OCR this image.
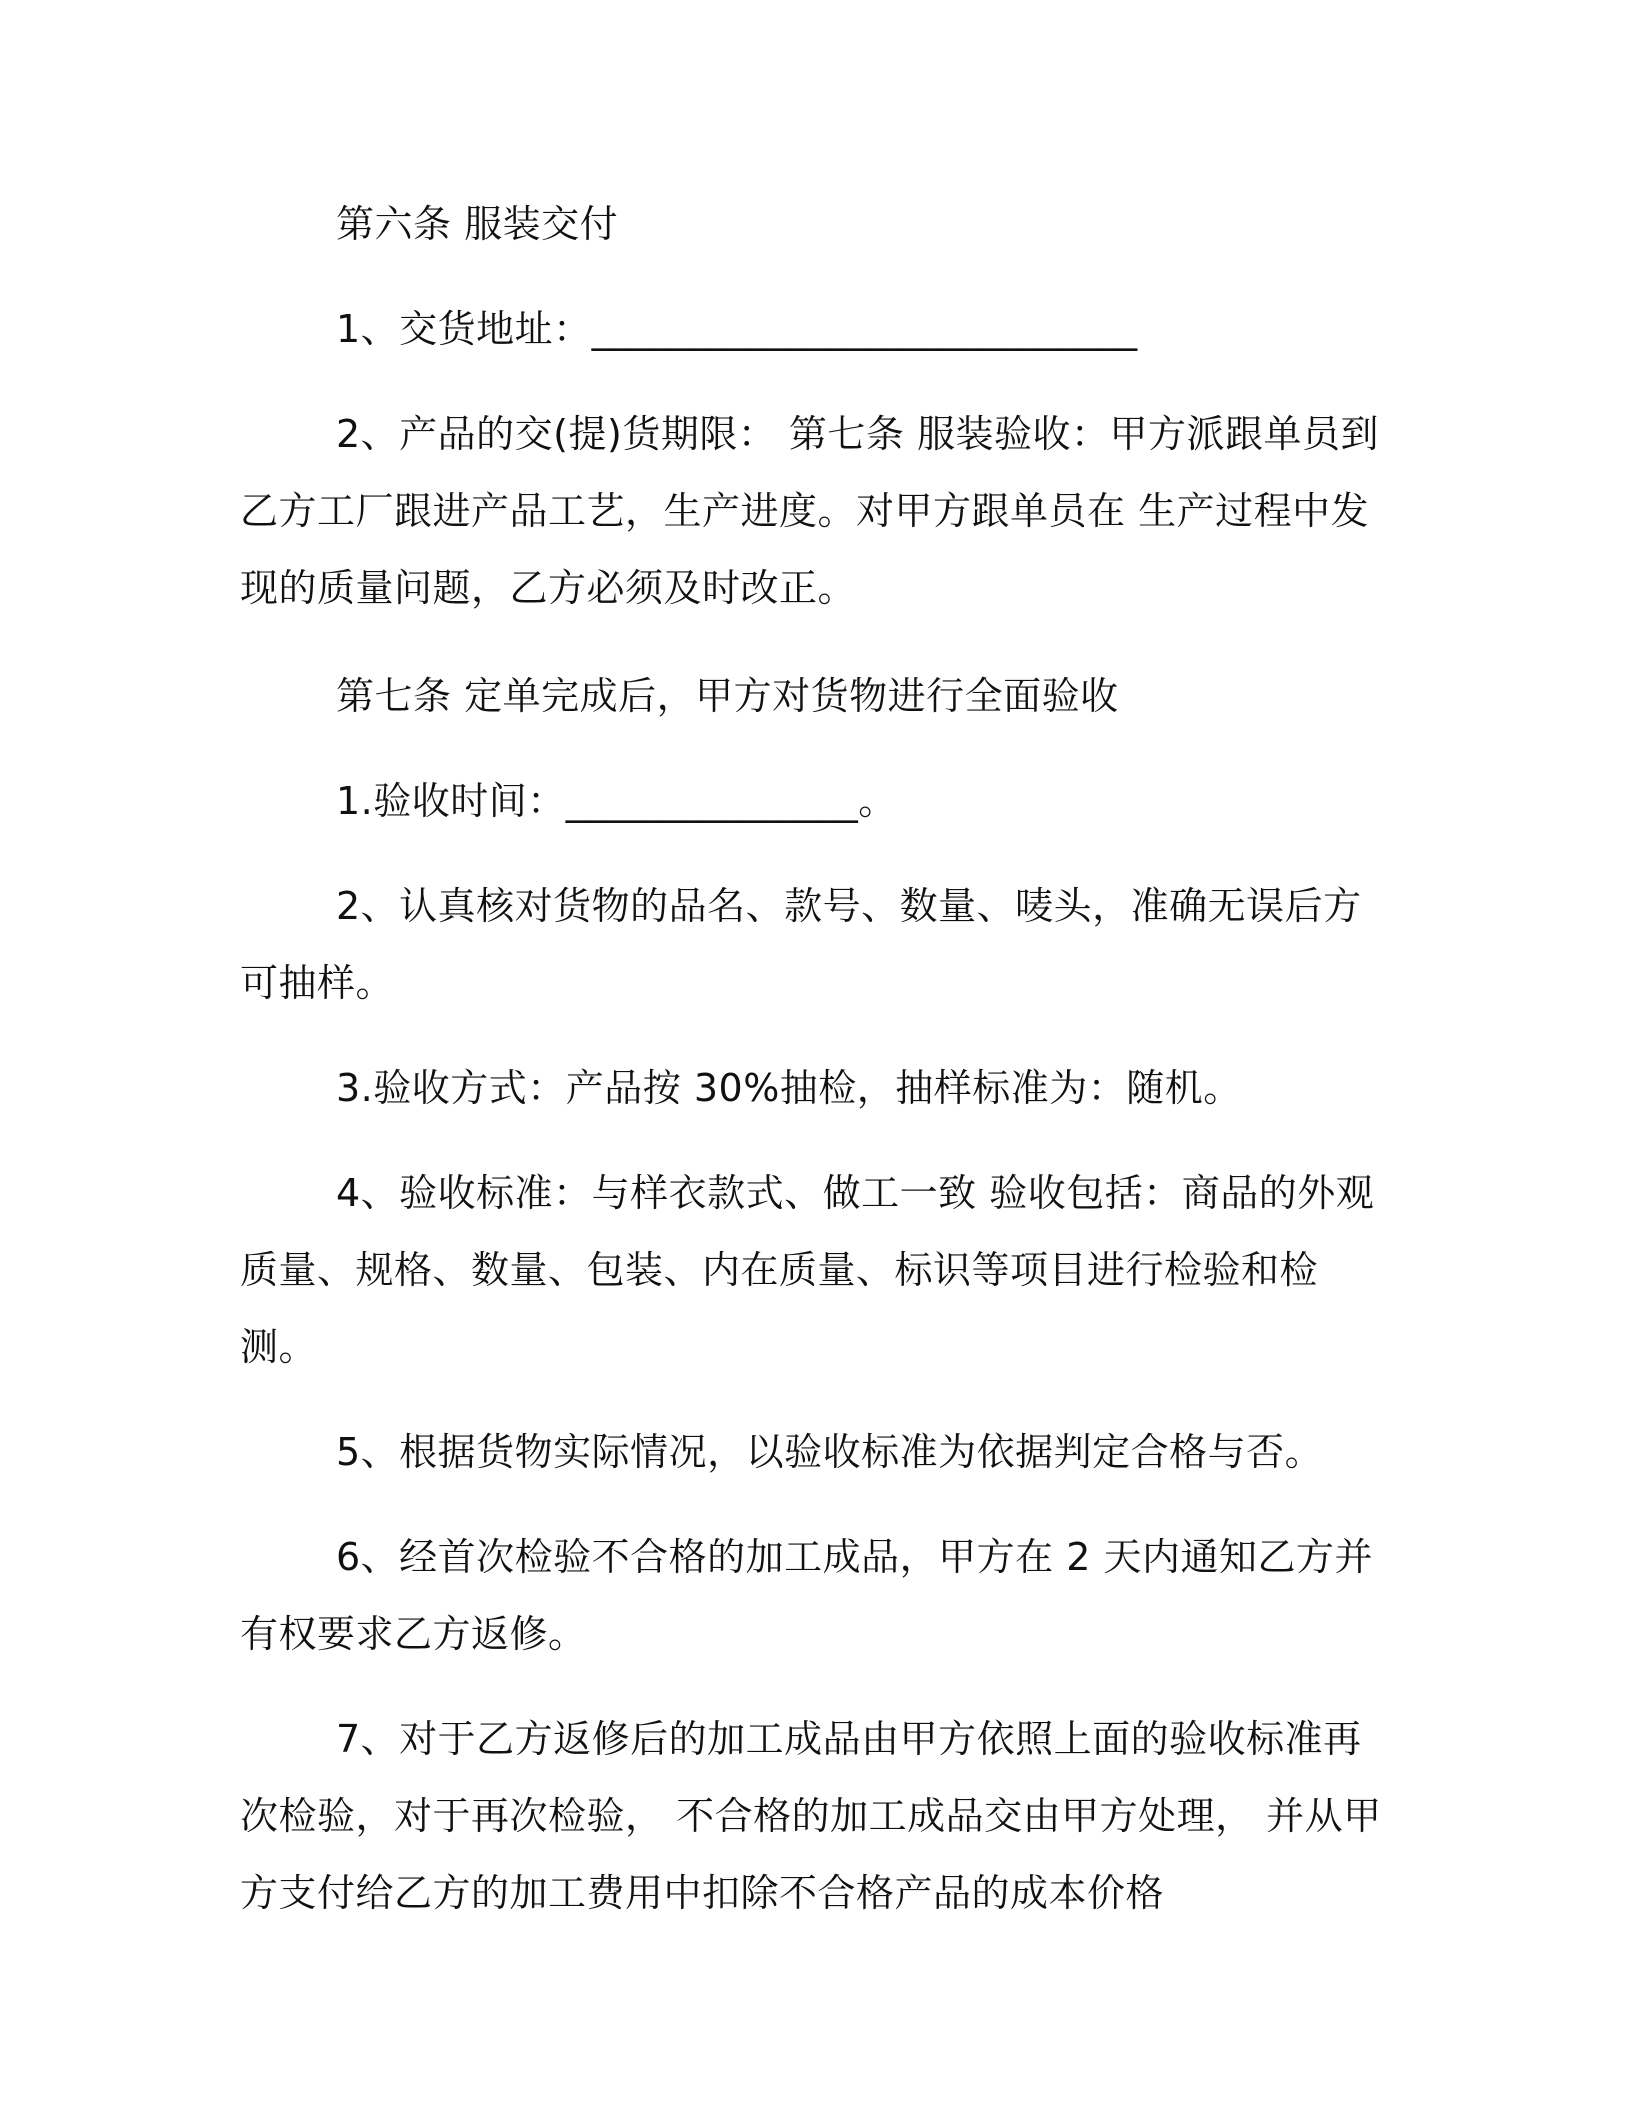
第六条 服装交付

1、交货地址：____________________________

2、产品的交(提)货期限： 第七条 服装验收：甲方派跟单员到乙方工厂跟进产品工艺，生产进度。对甲方跟单员在 生产过程中发现的质量问题，乙方必须及时改正。

第七条 定单完成后，甲方对货物进行全面验收

1.验收时间：_______________。

2、认真核对货物的品名、款号、数量、唛头，准确无误后方可抽样。

3.验收方式：产品按 30%抽检，抽样标准为：随机。

4、验收标准：与样衣款式、做工一致 验收包括：商品的外观质量、规格、数量、包装、内在质量、标识等项目进行检验和检测。

5、根据货物实际情况，以验收标准为依据判定合格与否。

6、经首次检验不合格的加工成品，甲方在 2 天内通知乙方并有权要求乙方返修。

7、对于乙方返修后的加工成品由甲方依照上面的验收标准再次检验，对于再次检验， 不合格的加工成品交由甲方处理， 并从甲方支付给乙方的加工费用中扣除不合格产品的成本价格
